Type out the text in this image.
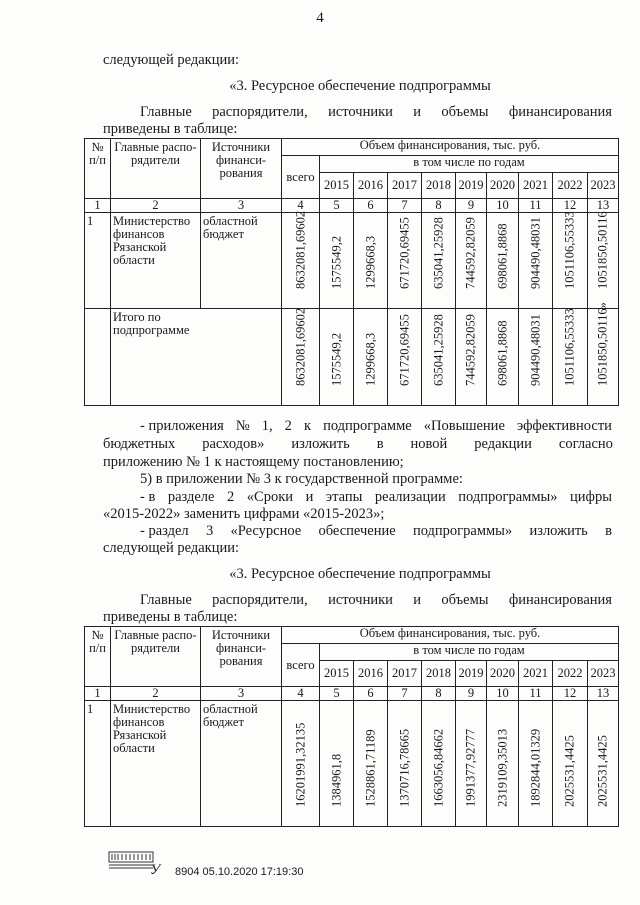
4
следующей редакции:
«3. Ресурсное обеспечение подпрограммы
Главные распорядители, источники и объемы финансирования
приведены в таблице:
№ п/п	Главные распо-рядители	Источники финанси-рования	Объем финансирования, тыс. руб.									
			всего	в том числе по годам								
				2015	2016	2017	2018	2019	2020	2021	2022	2023
1	2	3	4	5	6	7	8	9	10	11	12	13

1	Министерство финансов Рязанской области	областной бюджет	8632081,69602	1575549,2	1299668,3	671720,69455	635041,25928	744592,82059	698061,8868	904490,48031	1051106,55333	1051850,50116

	Итого по подпрограмме		8632081,69602	1575549,2	1299668,3	671720,69455	635041,25928	744592,82059	698061,8868	904490,48031	1051106,55333	1051850,50116»
- приложения № 1, 2 к подпрограмме «Повышение эффективности
бюджетных расходов» изложить в новой редакции согласно
приложению № 1 к настоящему постановлению;
5) в приложении № 3 к государственной программе:
- в разделе 2 «Сроки и этапы реализации подпрограммы» цифры
«2015-2022» заменить цифрами «2015-2023»;
- раздел 3 «Ресурсное обеспечение подпрограммы» изложить в
следующей редакции:
«3. Ресурсное обеспечение подпрограммы
Главные распорядители, источники и объемы финансирования
приведены в таблице:
№ п/п	Главные распо-рядители	Источники финанси-рования	Объем финансирования, тыс. руб.									
			всего	в том числе по годам								
				2015	2016	2017	2018	2019	2020	2021	2022	2023
1	2	3	4	5	6	7	8	9	10	11	12	13

1	Министерство финансов Рязанской области	областной бюджет	16201991,32135	1384961,8	1528861,71189	1370716,78665	1663056,84662	1991377,92777	2319109,35013	1892844,01329	2025531,4425	2025531,4425
У 8904 05.10.2020 17:19:30
